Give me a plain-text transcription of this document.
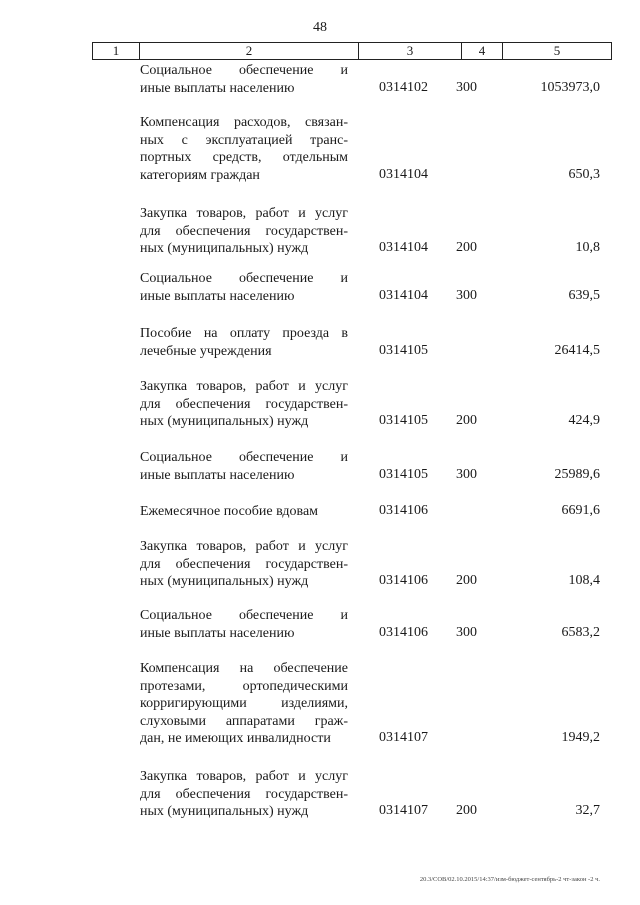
48
1	2	3	4	5
Социальное обеспечение и
иные выплаты населению	0314102 300	1053973,0
Компенсация расходов, связан-
ных с эксплуатацией транс-
портных средств, отдельным
категориям граждан	0314104	650,3
Закупка товаров, работ и услуг
для обеспечения государствен-
ных (муниципальных) нужд	0314104 200	10,8
Социальное обеспечение и
иные выплаты населению	0314104 300	639,5
Пособие на оплату проезда в
лечебные учреждения	0314105	26414,5
Закупка товаров, работ и услуг
для обеспечения государствен-
ных (муниципальных) нужд	0314105 200	424,9
Социальное обеспечение и
иные выплаты населению	0314105 300	25989,6
Ежемесячное пособие вдовам	0314106	6691,6
Закупка товаров, работ и услуг
для обеспечения государствен-
ных (муниципальных) нужд	0314106 200	108,4
Социальное обеспечение и
иные выплаты населению	0314106 300	6583,2
Компенсация на обеспечение
протезами, ортопедическими
корригирующими изделиями,
слуховыми аппаратами граж-
дан, не имеющих инвалидности	0314107	1949,2
Закупка товаров, работ и услуг
для обеспечения государствен-
ных (муниципальных) нужд	0314107 200	32,7
20.3/СОВ/02.10.2015/14:37/изм-бюджет-сентябрь-2 чт-закон -2 ч.
